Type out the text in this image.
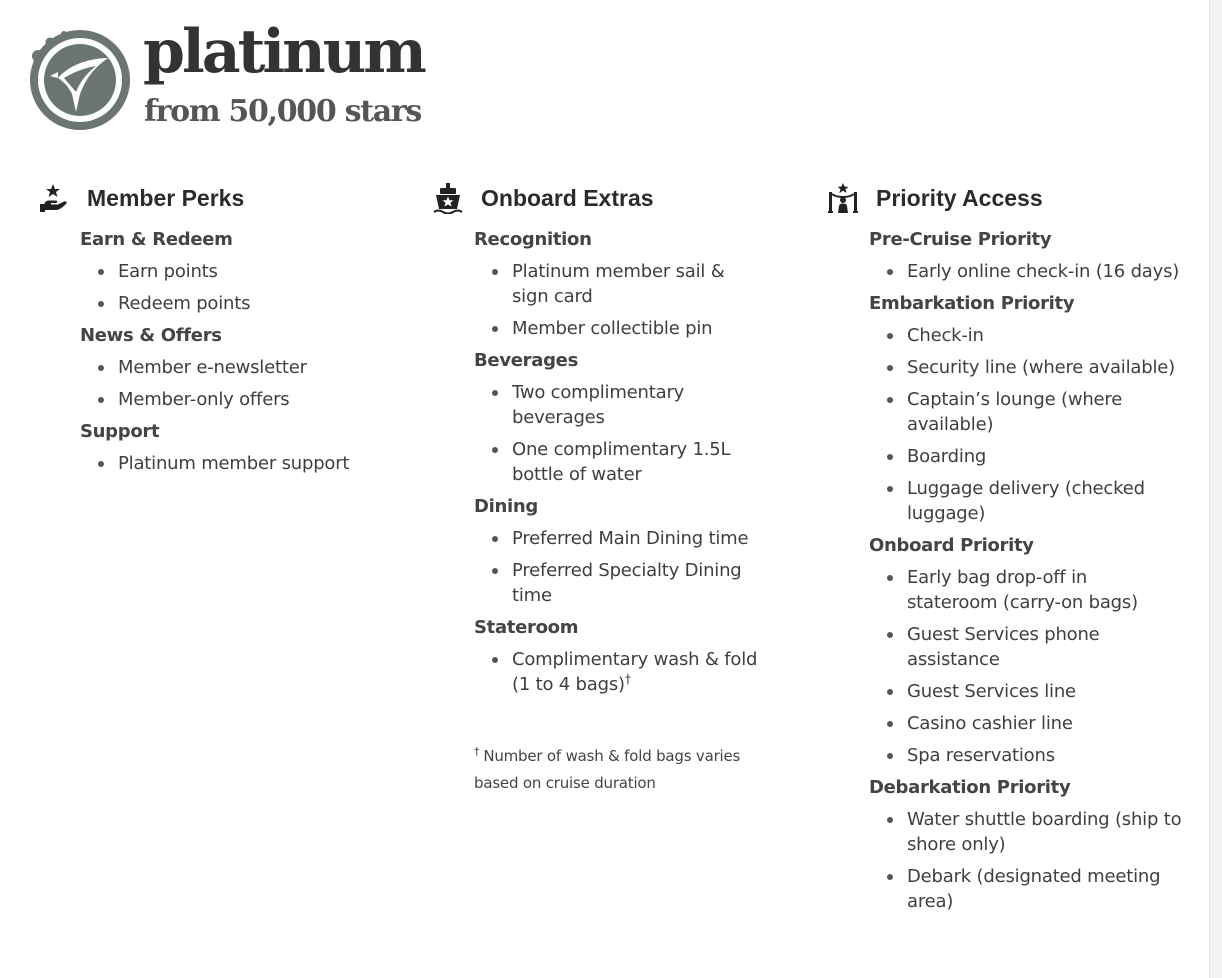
platinum
from 50,000 stars
Member Perks
Earn & Redeem
Earn points
Redeem points
News & Offers
Member e-newsletter
Member-only offers
Support
Platinum member support
Onboard Extras
Recognition
Platinum member sail & sign card
Member collectible pin
Beverages
Two complimentary beverages
One complimentary 1.5L bottle of water
Dining
Preferred Main Dining time
Preferred Specialty Dining time
Stateroom
Complimentary wash & fold (1 to 4 bags)†
† Number of wash & fold bags varies based on cruise duration
Priority Access
Pre-Cruise Priority
Early online check-in (16 days)
Embarkation Priority
Check-in
Security line (where available)
Captain’s lounge (where available)
Boarding
Luggage delivery (checked luggage)
Onboard Priority
Early bag drop-off in stateroom (carry-on bags)
Guest Services phone assistance
Guest Services line
Casino cashier line
Spa reservations
Debarkation Priority
Water shuttle boarding (ship to shore only)
Debark (designated meeting area)
